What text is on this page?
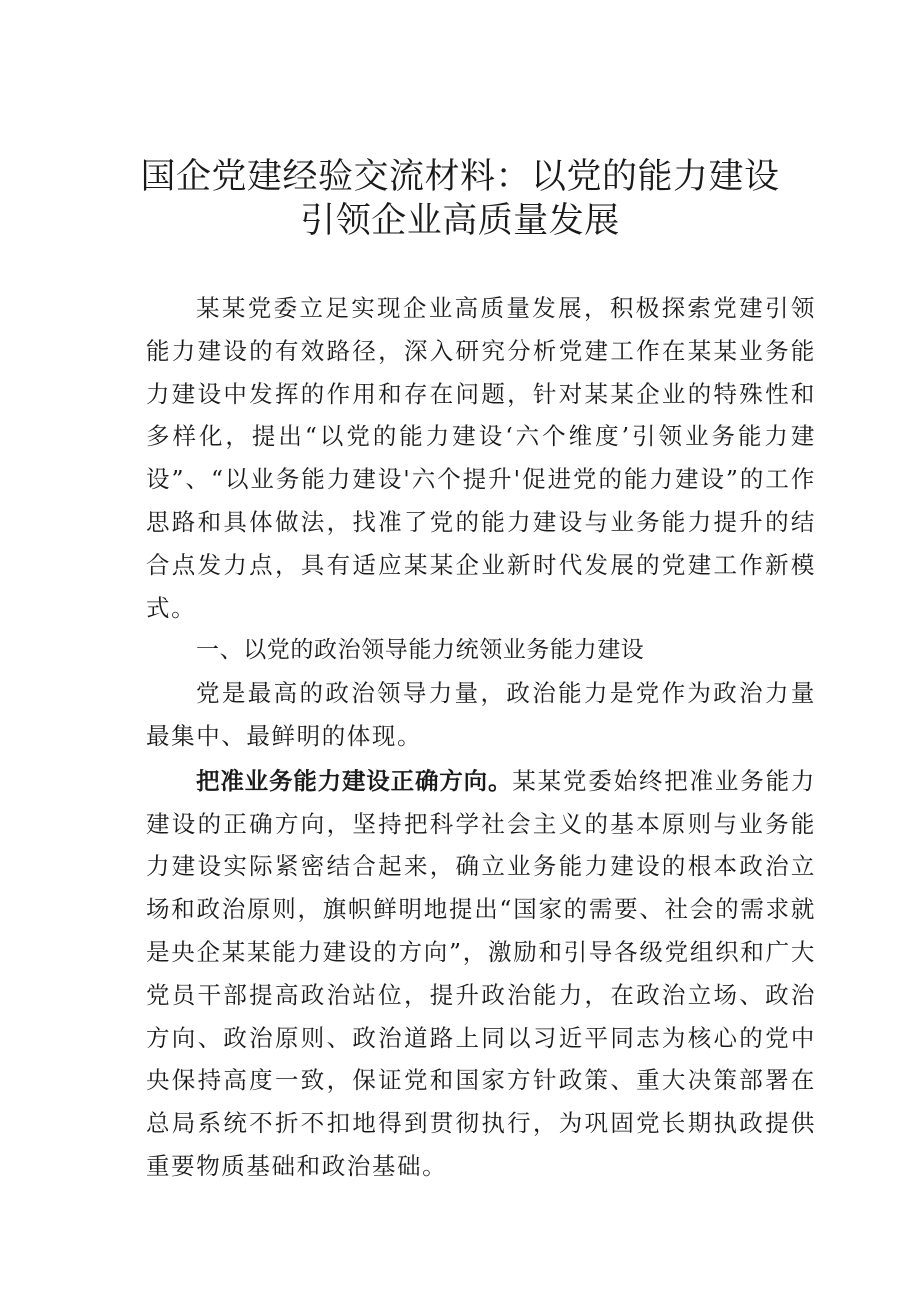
国企党建经验交流材料：以党的能力建设
引领企业高质量发展

某某党委立足实现企业高质量发展，积极探索党建引领能力建设的有效路径，深入研究分析党建工作在某某业务能力建设中发挥的作用和存在问题，针对某某企业的特殊性和多样化，提出“以党的能力建设‘六个维度’引领业务能力建设”、“以业务能力建设'六个提升'促进党的能力建设”的工作思路和具体做法，找准了党的能力建设与业务能力提升的结合点发力点，具有适应某某企业新时代发展的党建工作新模式。

一、以党的政治领导能力统领业务能力建设

党是最高的政治领导力量，政治能力是党作为政治力量最集中、最鲜明的体现。

把准业务能力建设正确方向。某某党委始终把准业务能力建设的正确方向，坚持把科学社会主义的基本原则与业务能力建设实际紧密结合起来，确立业务能力建设的根本政治立场和政治原则，旗帜鲜明地提出“国家的需要、社会的需求就是央企某某能力建设的方向”，激励和引导各级党组织和广大党员干部提高政治站位，提升政治能力，在政治立场、政治方向、政治原则、政治道路上同以习近平同志为核心的党中央保持高度一致，保证党和国家方针政策、重大决策部署在总局系统不折不扣地得到贯彻执行，为巩固党长期执政提供重要物质基础和政治基础。
